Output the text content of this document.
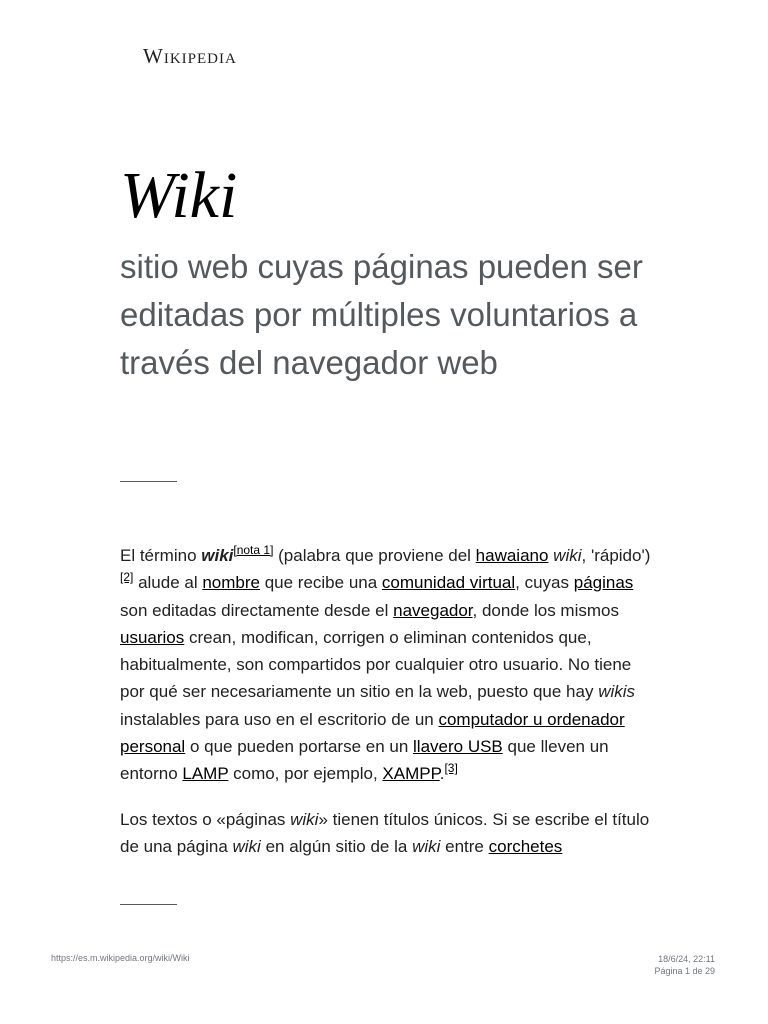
Wikipedia
Wiki
sitio web cuyas páginas pueden ser editadas por múltiples voluntarios a través del navegador web

El término wiki[nota 1] (palabra que proviene del hawaiano wiki, 'rápido')[2] alude al nombre que recibe una comunidad virtual, cuyas páginas son editadas directamente desde el navegador, donde los mismos usuarios crean, modifican, corrigen o eliminan contenidos que, habitualmente, son compartidos por cualquier otro usuario. No tiene por qué ser necesariamente un sitio en la web, puesto que hay wikis instalables para uso en el escritorio de un computador u ordenador personal o que pueden portarse en un llavero USB que lleven un entorno LAMP como, por ejemplo, XAMPP.[3]

Los textos o «páginas wiki» tienen títulos únicos. Si se escribe el título de una página wiki en algún sitio de la wiki entre corchetes

https://es.m.wikipedia.org/wiki/Wiki	18/6/24, 22:11
Página 1 de 29
